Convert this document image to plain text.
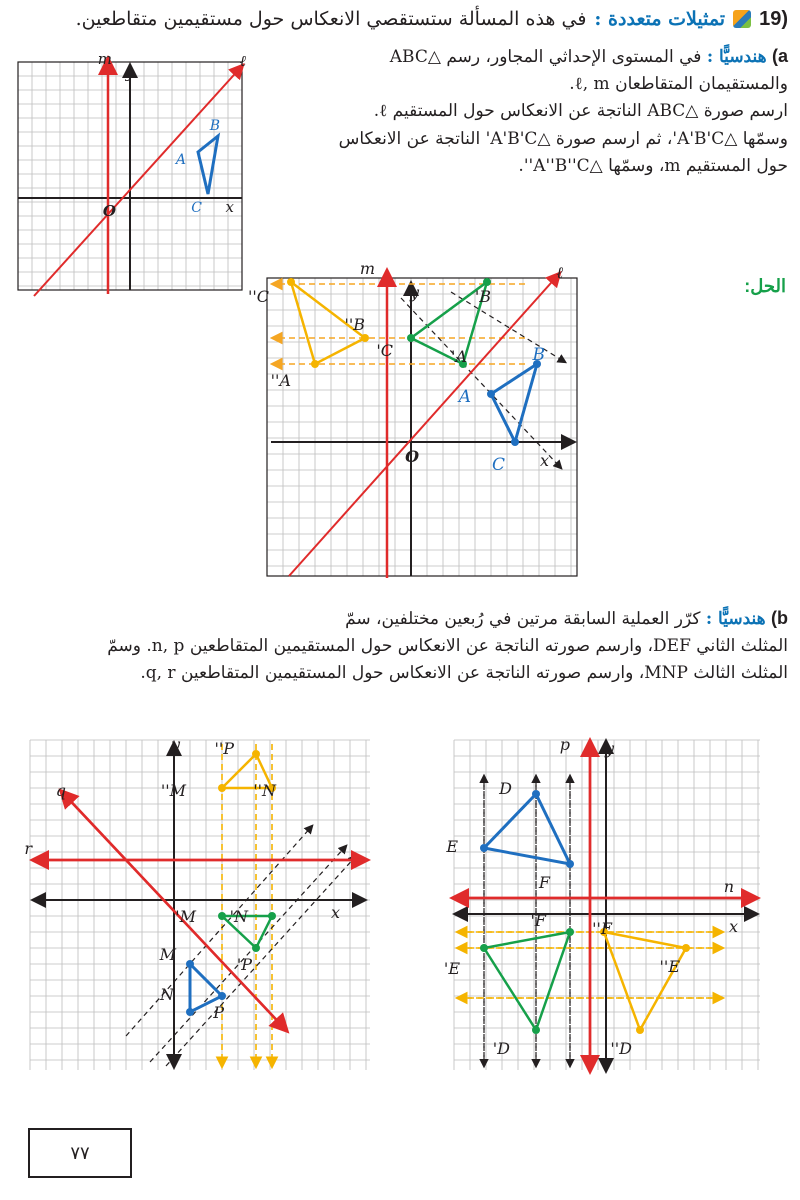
19)
تمثيلات متعددة :
في هذه المسألة ستستقصي الانعكاس حول مستقيمين متقاطعين.
a) هندسيًّا : في المستوى الإحداثي المجاور، رسم △ABC
والمستقيمان المتقاطعان ℓ, m.
ارسم صورة △ABC الناتجة عن الانعكاس حول المستقيم ℓ.
وسمّها △A'B'C'، ثم ارسم صورة △A'B'C' الناتجة عن الانعكاس
حول المستقيم m، وسمّها △A''B''C''.
الحل:
m	ℓ
y
x
O
A
B
C
m	ℓ
y
x
O
C''
B''
A''
B'
C'	A'
A
B
C
b) هندسيًّا : كرّر العملية السابقة مرتين في رُبعين مختلفين، سمّ
المثلث الثاني DEF، وارسم صورته الناتجة عن الانعكاس حول المستقيمين المتقاطعين n, p. وسمّ
المثلث الثالث MNP، وارسم صورته الناتجة عن الانعكاس حول المستقيمين المتقاطعين q, r.
q
r
y
x
P''
M''	N''
M' N'
P'
M
N
P
p y
n
x
D
E
F
F'
E'
D'
F''
E''
D''
٧٧
